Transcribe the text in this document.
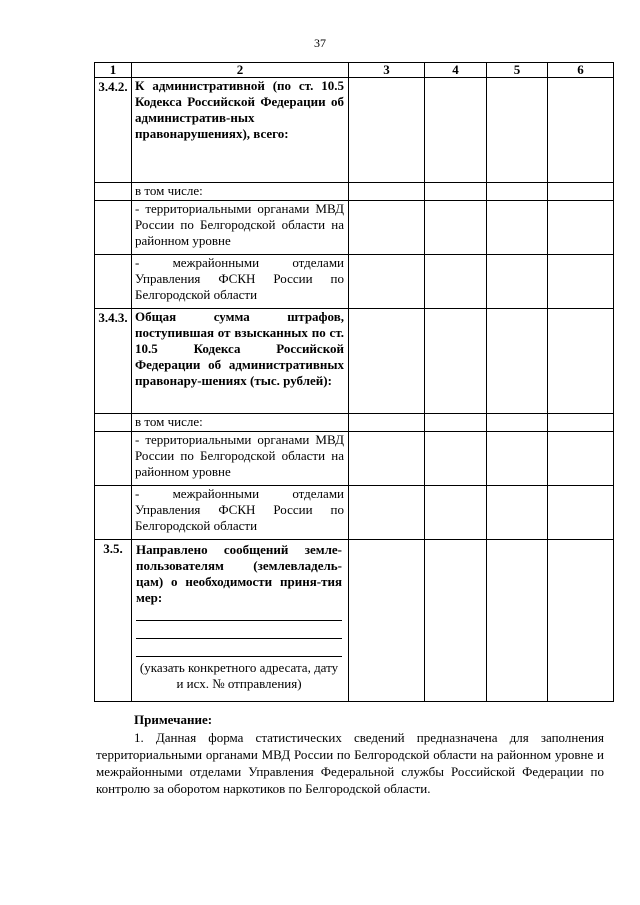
37
1	2	3	4	5	6
3.4.2.	К административной (по ст. 10.5 Кодекса Российской Федерации об административ-ных правонарушениях), всего:				
	в том числе:				
	- территориальными органами МВД России по Белгородской области на районном уровне				
	- межрайонными отделами Управления ФСКН России по Белгородской области				
3.4.3.	Общая сумма штрафов, поступившая от взысканных по ст. 10.5 Кодекса Российской Федерации об административных правонару-шениях (тыс. рублей):				
	в том числе:				
	- территориальными органами МВД России по Белгородской области на районном уровне				
	- межрайонными отделами Управления ФСКН России по Белгородской области				
3.5.	Направлено сообщений земле-пользователям (землевладель-цам) о необходимости приня-тия мер:
(указать конкретного адресата, дату и исх. № отправления)				

Примечание:

1. Данная форма статистических сведений предназначена для заполнения территориальными органами МВД России по Белгородской области на районном уровне и межрайонными отделами Управления Федеральной службы Российской Федерации по контролю за оборотом наркотиков по Белгородской области.
